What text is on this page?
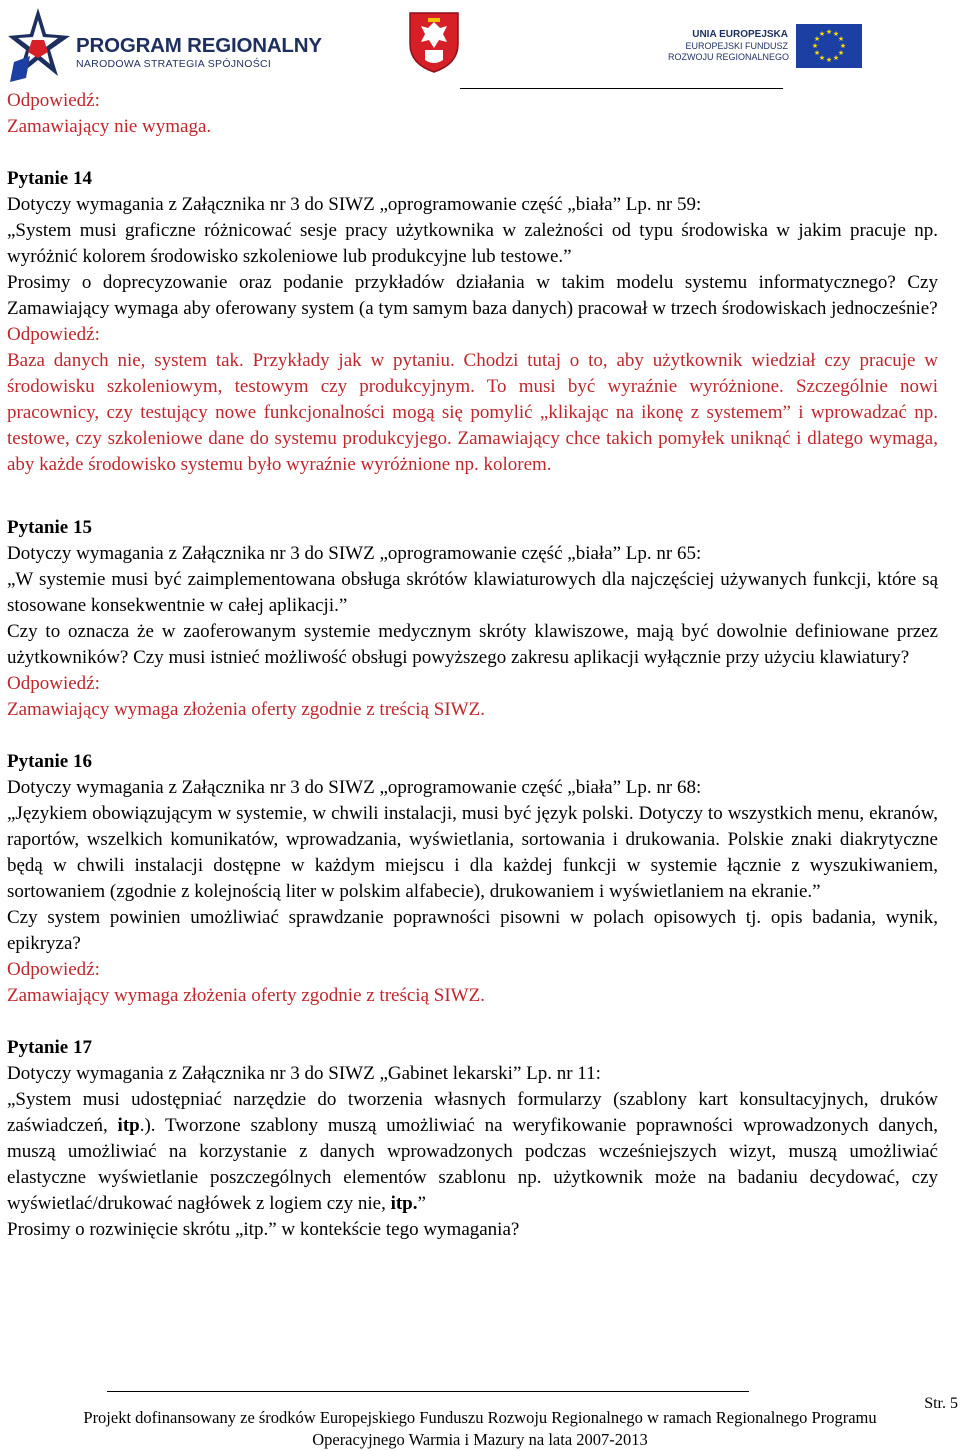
PROGRAM REGIONALNY
NARODOWA STRATEGIA SPÓJNOŚCI
UNIA EUROPEJSKA
EUROPEJSKI FUNDUSZ
ROZWOJU REGIONALNEGO
★ ★
★
★
★
★
★
★
★
★
★
★

Odpowiedź:

Zamawiający nie wymaga.

Pytanie 14

Dotyczy wymagania z Załącznika nr 3 do SIWZ „oprogramowanie część „biała” Lp. nr 59:

„System musi graficzne różnicować sesje pracy użytkownika w zależności od typu środowiska w jakim pracuje np. wyróżnić kolorem środowisko szkoleniowe lub produkcyjne lub testowe.”

Prosimy o doprecyzowanie oraz podanie przykładów działania w takim modelu systemu informatycznego? Czy Zamawiający wymaga aby oferowany system (a tym samym baza danych) pracował w trzech środowiskach jednocześnie?

Odpowiedź:

Baza danych nie, system tak. Przykłady jak w pytaniu. Chodzi tutaj o to, aby użytkownik wiedział czy pracuje w środowisku szkoleniowym, testowym czy produkcyjnym. To musi być wyraźnie wyróżnione. Szczególnie nowi pracownicy, czy testujący nowe funkcjonalności mogą się pomylić „klikając na ikonę z systemem” i wprowadzać np. testowe, czy szkoleniowe dane do systemu produkcyjego. Zamawiający chce takich pomyłek uniknąć i dlatego wymaga, aby każde środowisko systemu było wyraźnie wyróżnione np. kolorem.

Pytanie 15

Dotyczy wymagania z Załącznika nr 3 do SIWZ „oprogramowanie część „biała” Lp. nr 65:

„W systemie musi być zaimplementowana obsługa skrótów klawiaturowych dla najczęściej używanych funkcji, które są stosowane konsekwentnie w całej aplikacji.”

Czy to oznacza że w zaoferowanym systemie medycznym skróty klawiszowe, mają być dowolnie definiowane przez użytkowników? Czy musi istnieć możliwość obsługi powyższego zakresu aplikacji wyłącznie przy użyciu klawiatury?

Odpowiedź:

Zamawiający wymaga złożenia oferty zgodnie z treścią SIWZ.

Pytanie 16

Dotyczy wymagania z Załącznika nr 3 do SIWZ „oprogramowanie część „biała” Lp. nr 68:

„Językiem obowiązującym w systemie, w chwili instalacji, musi być język polski. Dotyczy to wszystkich menu, ekranów, raportów, wszelkich komunikatów, wprowadzania, wyświetlania, sortowania i drukowania. Polskie znaki diakrytyczne będą w chwili instalacji dostępne w każdym miejscu i dla każdej funkcji w systemie łącznie z wyszukiwaniem, sortowaniem (zgodnie z kolejnością liter w polskim alfabecie), drukowaniem i wyświetlaniem na ekranie.”

Czy system powinien umożliwiać sprawdzanie poprawności pisowni w polach opisowych tj. opis badania, wynik, epikryza?

Odpowiedź:

Zamawiający wymaga złożenia oferty zgodnie z treścią SIWZ.

Pytanie 17

Dotyczy wymagania z Załącznika nr 3 do SIWZ „Gabinet lekarski” Lp. nr 11:

„System musi udostępniać narzędzie do tworzenia własnych formularzy (szablony kart konsultacyjnych, druków zaświadczeń, itp.). Tworzone szablony muszą umożliwiać na weryfikowanie poprawności wprowadzonych danych, muszą umożliwiać na korzystanie z danych wprowadzonych podczas wcześniejszych wizyt, muszą umożliwiać elastyczne wyświetlanie poszczególnych elementów szablonu np. użytkownik może na badaniu decydować, czy wyświetlać/drukować nagłówek z logiem czy nie, itp.”

Prosimy o rozwinięcie skrótu „itp.” w kontekście tego wymagania?

Str. 5
Projekt dofinansowany ze środków Europejskiego Funduszu Rozwoju Regionalnego w ramach Regionalnego Programu
Operacyjnego Warmia i Mazury na lata 2007-2013
